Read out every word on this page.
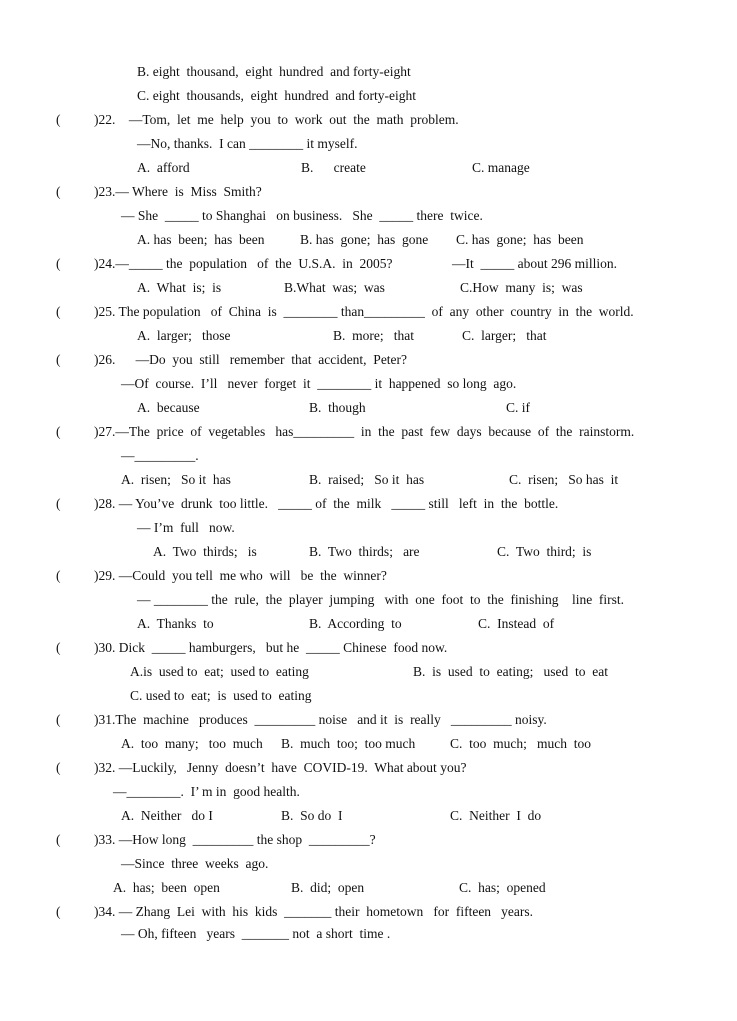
B. eight  thousand,  eight  hundred  and forty-eight
C. eight  thousands,  eight  hundred  and forty-eight
( )22.    —Tom,  let  me  help  you  to  work  out  the  math  problem.
—No, thanks.  I can ________ it myself.
A.  afford	B.      create	C. manage
( )23.— Where  is  Miss  Smith?
— She  _____ to Shanghai   on business.   She  _____ there  twice.
A. has  been;  has  been	B. has  gone;  has  gone C. has  gone;  has  been
( )24.—_____ the  population   of  the  U.S.A.  in  2005?	—It  _____ about 296 million.
A.  What  is;  is	B.What  was;  was	C.How  many  is;  was
( )25. The population   of  China  is  ________ than_________  of  any  other  country  in  the  world.
A.  larger;   those	B.  more;   that	C.  larger;   that
( )26.      —Do  you  still   remember  that  accident,  Peter?
—Of  course.  I’ll   never  forget  it  ________ it  happened  so long  ago.
A.  because	B.  though	C. if
( )27.—The  price  of  vegetables   has_________  in  the  past  few  days  because  of  the  rainstorm.
—_________.
A.  risen;   So it  has	B.  raised;   So it  has	C.  risen;   So has  it
( )28. — You’ve  drunk  too little.   _____ of  the  milk   _____ still   left  in  the  bottle.
— I’m  full   now.
A.  Two  thirds;   is	B.  Two  thirds;   are	C.  Two  third;  is
( )29. —Could  you tell  me who  will   be  the  winner?
— ________ the  rule,  the  player  jumping   with  one  foot  to  the  finishing    line  first.
A.  Thanks  to	B.  According  to	C.  Instead  of
( )30. Dick  _____ hamburgers,   but he  _____ Chinese  food now.
A.is  used to  eat;  used to  eating	B.  is  used  to  eating;   used  to  eat
C. used to  eat;  is  used to  eating
( )31.The  machine   produces  _________ noise   and it  is  really   _________ noisy.
A.  too  many;   too  much B.  much  too;  too much	C.  too  much;   much  too
( )32. —Luckily,   Jenny  doesn’t  have  COVID-19.  What about you?
—________.  I’ m in  good health.
A.  Neither   do I	B.  So do  I	C.  Neither  I  do
( )33. —How long  _________ the shop  _________?
—Since  three  weeks  ago.
A.  has;  been  open	B.  did;  open	C.  has;  opened
( )34. — Zhang  Lei  with  his  kids  _______ their  hometown   for  fifteen   years.
— Oh, fifteen   years  _______ not  a short  time .
